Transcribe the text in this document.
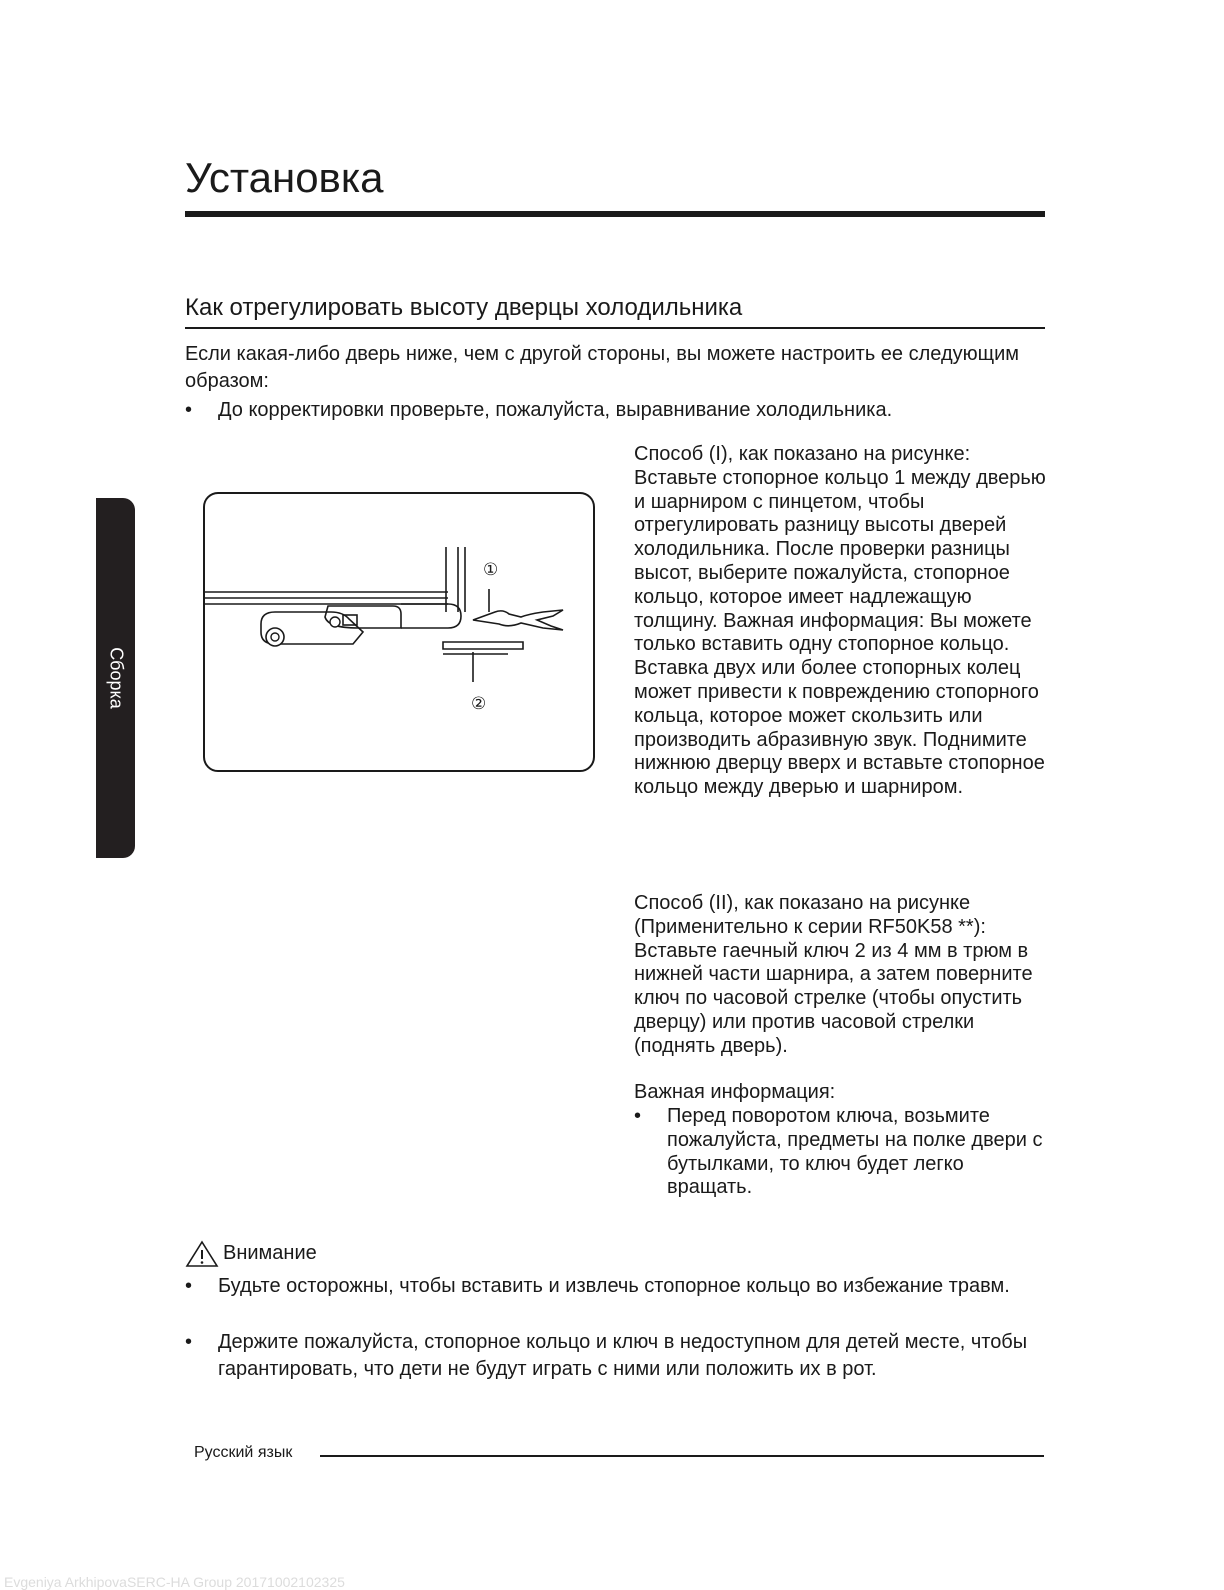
Установка
Сборка
Как отрегулировать высоту дверцы холодильника

Если какая-либо дверь ниже, чем с другой стороны, вы можете настроить ее следующим образом:

• До корректировки проверьте, пожалуйста, выравнивание холодильника.
①
②

Способ (I), как показано на рисунке: Вставьте стопорное кольцо 1 между дверью и шарниром с пинцетом, чтобы отрегулировать разницу высоты дверей холодильника. После проверки разницы высот, выберите пожалуйста, стопорное кольцо, которое имеет надлежащую толщину. Важная информация: Вы можете только вставить одну стопорное кольцо. Вставка двух или более стопорных колец может привести к повреждению стопорного кольца, которое может скользить или производить абразивную звук. Поднимите нижнюю дверцу вверх и вставьте стопорное кольцо между дверью и шарниром.

Способ (II), как показано на рисунке (Применительно к серии RF50K58 **): Вставьте гаечный ключ 2 из 4 мм в трюм в нижней части шарнира, а затем поверните ключ по часовой стрелке (чтобы опустить дверцу) или против часовой стрелки (поднять дверь).

Важная информация:

• Перед поворотом ключа, возьмите пожалуйста, предметы на полке двери с бутылками, то ключ будет легко вращать.
Внимание
• Будьте осторожны, чтобы вставить и извлечь стопорное кольцо во избежание травм.
• Держите пожалуйста, стопорное кольцо и ключ в недоступном для детей месте, чтобы гарантировать, что дети не будут играть с ними или положить их в рот.
Русский язык
Evgeniya ArkhipovaSERC-HA Group 20171002102325
